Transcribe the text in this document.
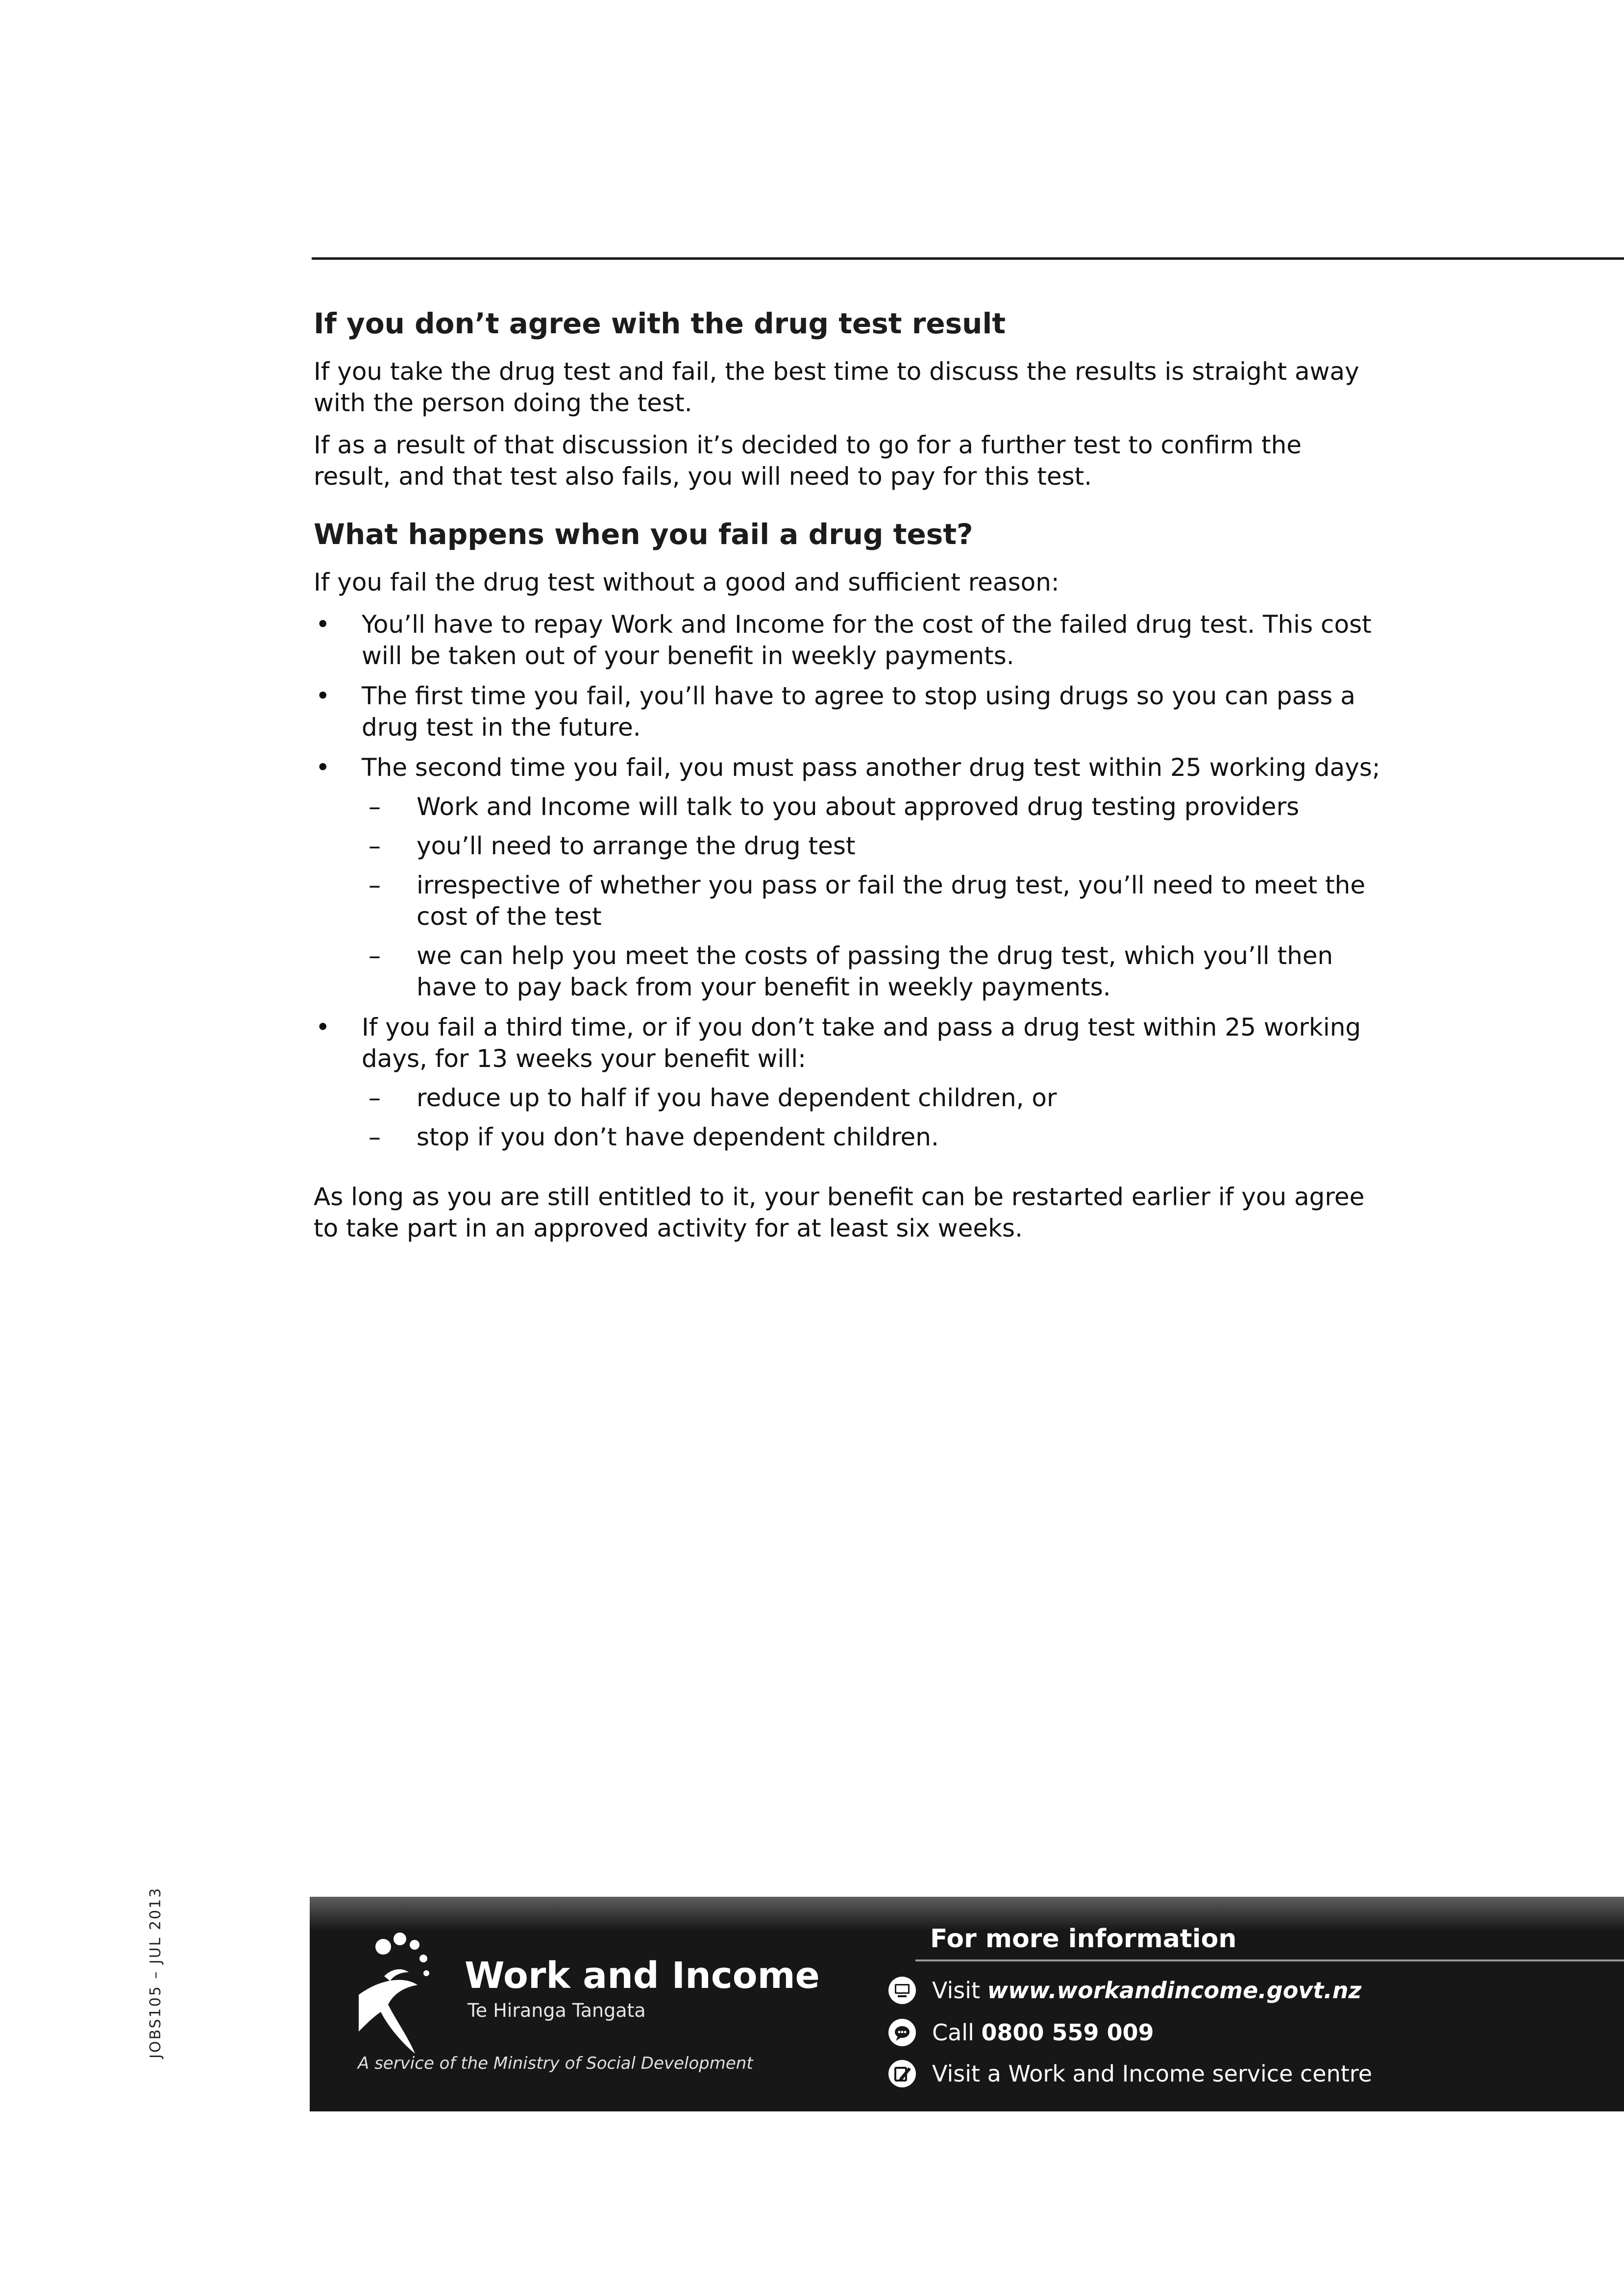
If you don’t agree with the drug test result

If you take the drug test and fail, the best time to discuss the results is straight away with the person doing the test.

If as a result of that discussion it’s decided to go for a further test to confirm the result, and that test also fails, you will need to pay for this test.

What happens when you fail a drug test?

If you fail the drug test without a good and sufficient reason:

• You’ll have to repay Work and Income for the cost of the failed drug test. This cost will be taken out of your benefit in weekly payments.
• The first time you fail, you’ll have to agree to stop using drugs so you can pass a drug test in the future.
• The second time you fail, you must pass another drug test within 25 working days;
– Work and Income will talk to you about approved drug testing providers
– you’ll need to arrange the drug test
– irrespective of whether you pass or fail the drug test, you’ll need to meet the cost of the test
– we can help you meet the costs of passing the drug test, which you’ll then have to pay back from your benefit in weekly payments.
• If you fail a third time, or if you don’t take and pass a drug test within 25 working days, for 13 weeks your benefit will:
– reduce up to half if you have dependent children, or
– stop if you don’t have dependent children.

As long as you are still entitled to it, your benefit can be restarted earlier if you agree to take part in an approved activity for at least six weeks.

Work and Income
Te Hiranga Tangata
A service of the Ministry of Social Development
For more information
Visit
www.workandincome.govt.nz
Call
0800 559 009
Visit a Work and Income service centre
JOBS105 – JUL 2013
